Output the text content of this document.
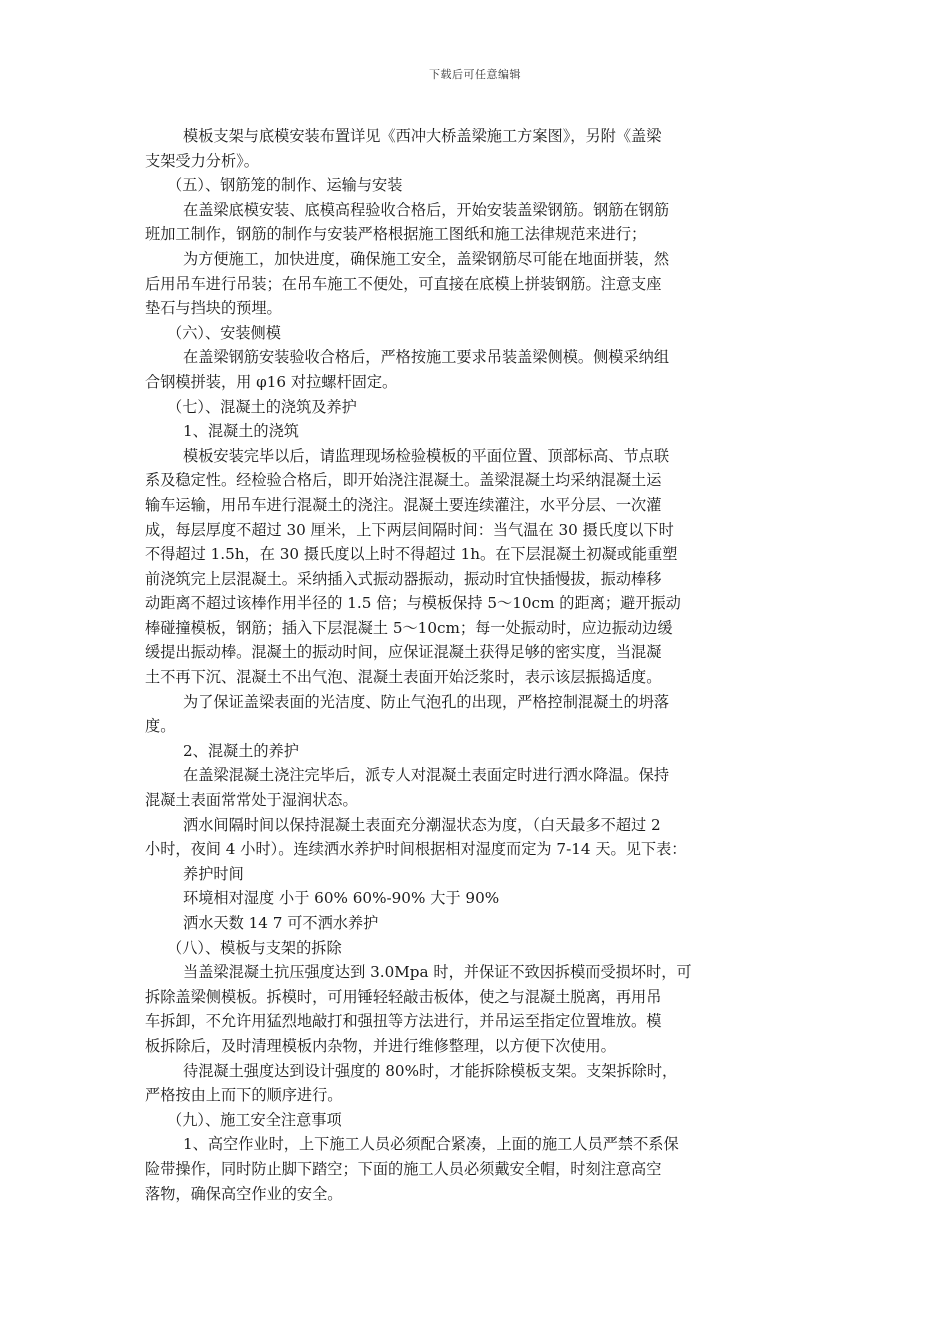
下载后可任意编辑
模板支架与底模安装布置详见《西冲大桥盖梁施工方案图》，另附《盖梁
支架受力分析》。
（五）、钢筋笼的制作、运输与安装
在盖梁底模安装、底模高程验收合格后，开始安装盖梁钢筋。钢筋在钢筋
班加工制作，钢筋的制作与安装严格根据施工图纸和施工法律规范来进行；
为方便施工，加快进度，确保施工安全，盖梁钢筋尽可能在地面拼装，然
后用吊车进行吊装；在吊车施工不便处，可直接在底模上拼装钢筋。注意支座
垫石与挡块的预埋。
（六）、安装侧模
在盖梁钢筋安装验收合格后，严格按施工要求吊装盖梁侧模。侧模采纳组
合钢模拼装，用 φ16 对拉螺杆固定。
（七）、混凝土的浇筑及养护
1、混凝土的浇筑
模板安装完毕以后，请监理现场检验模板的平面位置、顶部标高、节点联
系及稳定性。经检验合格后，即开始浇注混凝土。盖梁混凝土均采纳混凝土运
输车运输，用吊车进行混凝土的浇注。混凝土要连续灌注，水平分层、一次灌
成，每层厚度不超过 30 厘米，上下两层间隔时间：当气温在 30 摄氏度以下时
不得超过 1.5h，在 30 摄氏度以上时不得超过 1h。在下层混凝土初凝或能重塑
前浇筑完上层混凝土。采纳插入式振动器振动，振动时宜快插慢拔，振动棒移
动距离不超过该棒作用半径的 1.5 倍；与模板保持 5～10cm 的距离；避开振动
棒碰撞模板，钢筋；插入下层混凝土 5～10cm；每一处振动时，应边振动边缓
缓提出振动棒。混凝土的振动时间，应保证混凝土获得足够的密实度，当混凝
土不再下沉、混凝土不出气泡、混凝土表面开始泛浆时，表示该层振捣适度。
为了保证盖梁表面的光洁度、防止气泡孔的出现，严格控制混凝土的坍落
度。
2、混凝土的养护
在盖梁混凝土浇注完毕后，派专人对混凝土表面定时进行洒水降温。保持
混凝土表面常常处于湿润状态。
洒水间隔时间以保持混凝土表面充分潮湿状态为度，（白天最多不超过 2
小时，夜间 4 小时）。连续洒水养护时间根据相对湿度而定为 7-14 天。见下表：
养护时间
环境相对湿度 小于 60% 60%-90% 大于 90%
洒水天数 14 7 可不洒水养护
（八）、模板与支架的拆除
当盖梁混凝土抗压强度达到 3.0Mpa 时，并保证不致因拆模而受损坏时，可
拆除盖梁侧模板。拆模时，可用锤轻轻敲击板体，使之与混凝土脱离，再用吊
车拆卸，不允许用猛烈地敲打和强扭等方法进行，并吊运至指定位置堆放。模
板拆除后，及时清理模板内杂物，并进行维修整理，以方便下次使用。
待混凝土强度达到设计强度的 80%时，才能拆除模板支架。支架拆除时，
严格按由上而下的顺序进行。
（九）、施工安全注意事项
1、高空作业时，上下施工人员必须配合紧凑，上面的施工人员严禁不系保
险带操作，同时防止脚下踏空；下面的施工人员必须戴安全帽，时刻注意高空
落物，确保高空作业的安全。
